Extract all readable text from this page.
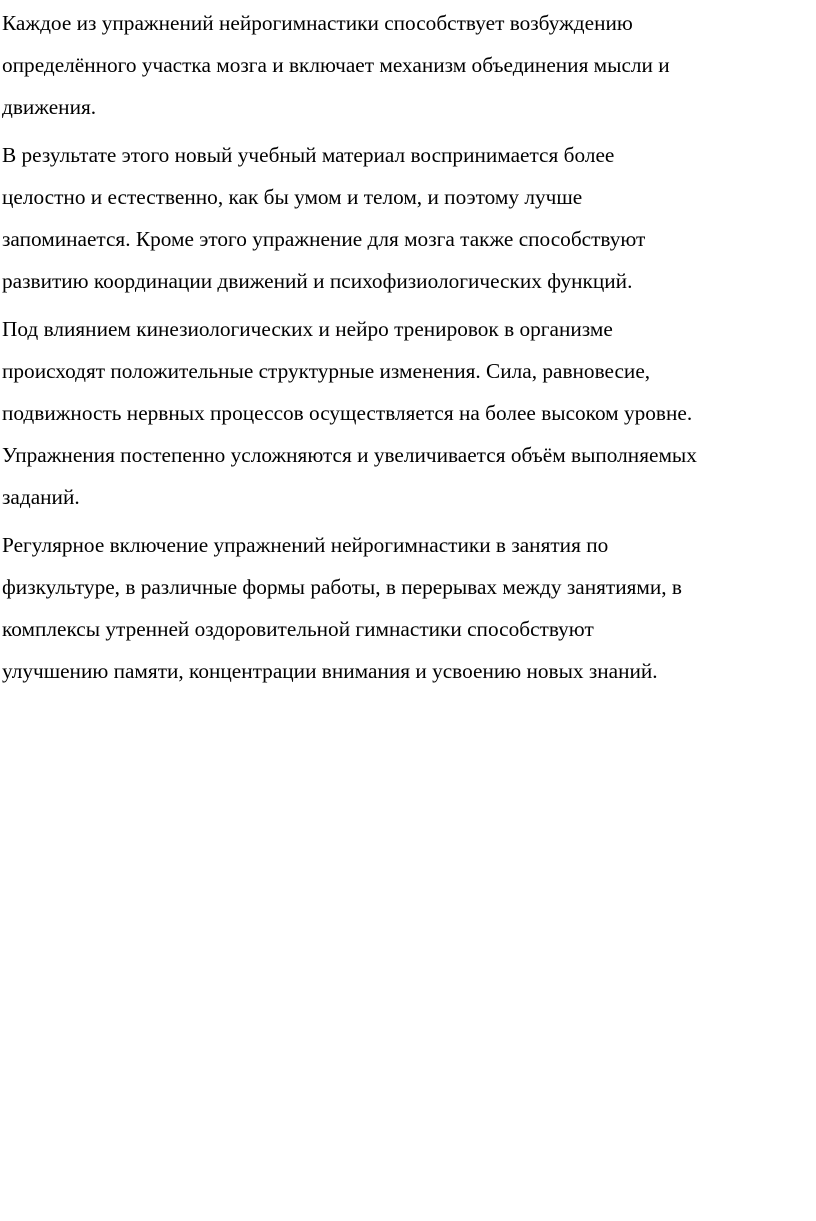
Каждое из упражнений нейрогимнастики способствует возбуждению
определённого участка мозга и включает механизм объединения мысли и
движения.

В результате этого новый учебный материал воспринимается более
целостно и естественно, как бы умом и телом, и поэтому лучше
запоминается. Кроме этого упражнение для мозга также способствуют
развитию координации движений и психофизиологических функций.

Под влиянием кинезиологических и нейро тренировок в организме
происходят положительные структурные изменения. Сила, равновесие,
подвижность нервных процессов осуществляется на более высоком уровне.
Упражнения постепенно усложняются и увеличивается объём выполняемых
заданий.

Регулярное включение упражнений нейрогимнастики в занятия по
физкультуре, в различные формы работы, в перерывах между занятиями, в
комплексы утренней оздоровительной гимнастики способствуют
улучшению памяти, концентрации внимания и усвоению новых знаний.
